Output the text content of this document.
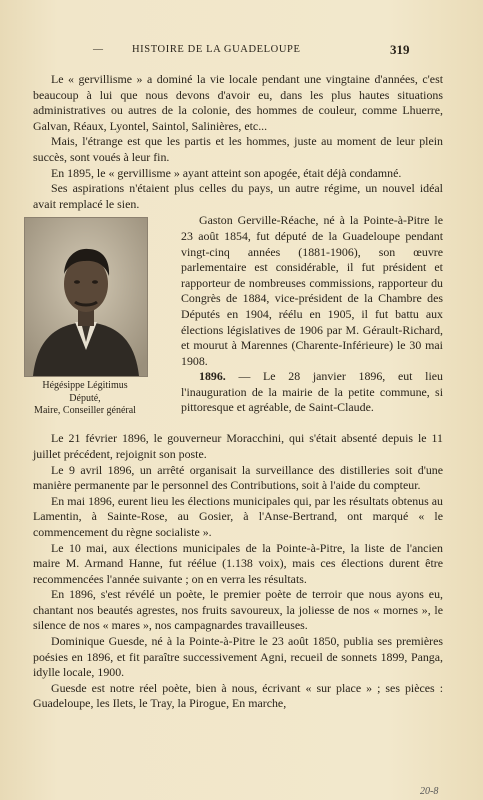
—	HISTOIRE DE LA GUADELOUPE	319

Le « gervillisme » a dominé la vie locale pendant une vingtaine d'années, c'est beaucoup à lui que nous devons d'avoir eu, dans les plus hautes situations administratives ou autres de la colonie, des hommes de couleur, comme Lhuerre, Galvan, Réaux, Lyontel, Saintol, Salinières, etc...

Mais, l'étrange est que les partis et les hommes, juste au moment de leur plein succès, sont voués à leur fin.

En 1895, le « gervillisme » ayant atteint son apogée, était déjà condamné.

Ses aspirations n'étaient plus celles du pays, un autre régime, un nouvel idéal avait remplacé le sien.

Hégésippe Légitimus
Député,
Maire, Conseiller général

Gaston Gerville-Réache, né à la Pointe-à-Pitre le 23 août 1854, fut député de la Guadeloupe pendant vingt-cinq années (1881-1906), son œuvre parlementaire est considérable, il fut président et rapporteur de nombreuses commissions, rapporteur du Congrès de 1884, vice-président de la Chambre des Députés en 1904, réélu en 1905, il fut battu aux élections législatives de 1906 par M. Gérault-Richard, et mourut à Marennes (Charente-Inférieure) le 30 mai 1908.

1896. — Le 28 janvier 1896, eut lieu l'inauguration de la mairie de la petite commune, si pittoresque et agréable, de Saint-Claude.

Le 21 février 1896, le gouverneur Moracchini, qui s'était absenté depuis le 11 juillet précédent, rejoignit son poste.

Le 9 avril 1896, un arrêté organisait la surveillance des distilleries soit d'une manière permanente par le personnel des Contributions, soit à l'aide du compteur.

En mai 1896, eurent lieu les élections municipales qui, par les résultats obtenus au Lamentin, à Sainte-Rose, au Gosier, à l'Anse-Bertrand, ont marqué « le commencement du règne socialiste ».

Le 10 mai, aux élections municipales de la Pointe-à-Pitre, la liste de l'ancien maire M. Armand Hanne, fut réélue (1.138 voix), mais ces élections durent être recommencées l'année suivante ; on en verra les résultats.

En 1896, s'est révélé un poète, le premier poète de terroir que nous ayons eu, chantant nos beautés agrestes, nos fruits savoureux, la joliesse de nos « mornes », le silence de nos « mares », nos campagnardes travailleuses.

Dominique Guesde, né à la Pointe-à-Pitre le 23 août 1850, publia ses premières poésies en 1896, et fit paraître successivement Agni, recueil de sonnets 1899, Panga, idylle locale, 1900.

Guesde est notre réel poète, bien à nous, écrivant « sur place » ; ses pièces : Guadeloupe, les Ilets, le Tray, la Pirogue, En marche,

20-8
